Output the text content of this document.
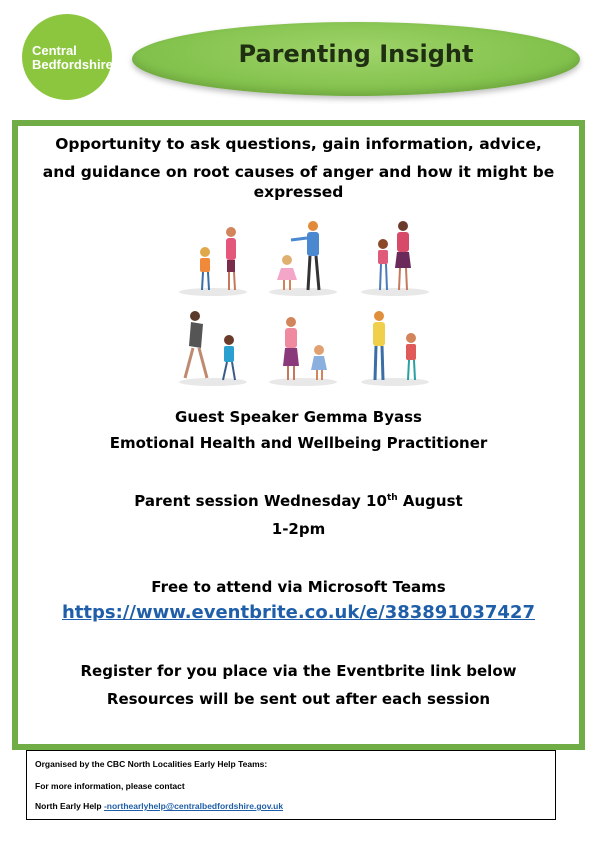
Central
Bedfordshire	Parenting Insight
Opportunity to ask questions, gain information, advice,
and guidance on root causes of anger and how it might be expressed
Guest Speaker Gemma Byass
Emotional Health and Wellbeing Practitioner
Parent session Wednesday 10th August
1-2pm
Free to attend via Microsoft Teams
https://www.eventbrite.co.uk/e/383891037427
Register for you place via the Eventbrite link below
Resources will be sent out after each session
Organised by the CBC North Localities Early Help Teams:
For more information, please contact
North Early Help -northearlyhelp@centralbedfordshire.gov.uk
